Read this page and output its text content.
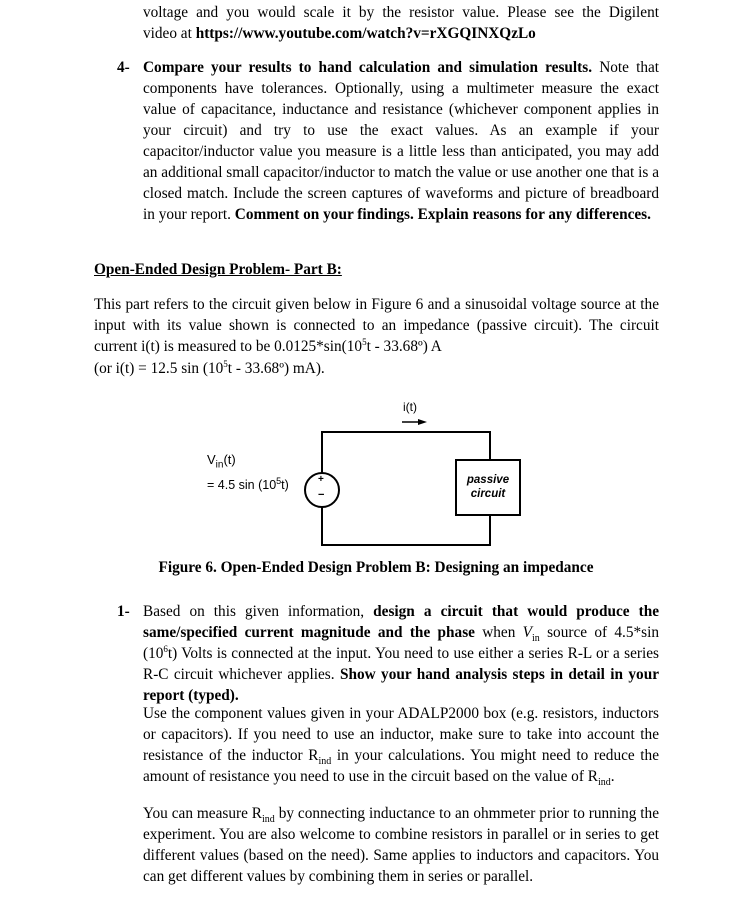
voltage and you would scale it by the resistor value. Please see the Digilent
video at https://www.youtube.com/watch?v=rXGQINXQzLo
4- Compare your results to hand calculation and simulation results. Note that components have tolerances. Optionally, using a multimeter measure the exact value of capacitance, inductance and resistance (whichever component applies in your circuit) and try to use the exact values. As an example if your capacitor/inductor value you measure is a little less than anticipated, you may add an additional small capacitor/inductor to match the value or use another one that is a closed match. Include the screen captures of waveforms and picture of breadboard in your report. Comment on your findings. Explain reasons for any differences.
Open-Ended Design Problem- Part B:
This part refers to the circuit given below in Figure 6 and a sinusoidal voltage source at the input with its value shown is connected to an impedance (passive circuit). The circuit current i(t) is measured to be $0.0125*\sin(10^5t$ - 33.68º) A
(or i(t) = 12.5 $\sin (10^5t$ - 33.68º) mA).
i(t)
$V_{in}(t)$
= 4.5 $\sin (10^5t)$	+
−
passive
circuit
Figure 6. Open-Ended Design Problem B: Designing an impedance
1- Based on this given information, design a circuit that would produce the same/specified current magnitude and the phase when $V_{in}$ source of 4.5*sin $(10^6t)$ Volts is connected at the input. You need to use either a series R-L or a series R-C circuit whichever applies. Show your hand analysis steps in detail in your report (typed).
Use the component values given in your ADALP2000 box (e.g. resistors, inductors or capacitors). If you need to use an inductor, make sure to take into account the resistance of the inductor $R_{ind}$ in your calculations. You might need to reduce the amount of resistance you need to use in the circuit based on the value of $R_{ind}$.
You can measure $R_{ind}$ by connecting inductance to an ohmmeter prior to running the experiment. You are also welcome to combine resistors in parallel or in series to get different values (based on the need). Same applies to inductors and capacitors. You can get different values by combining them in series or parallel.
